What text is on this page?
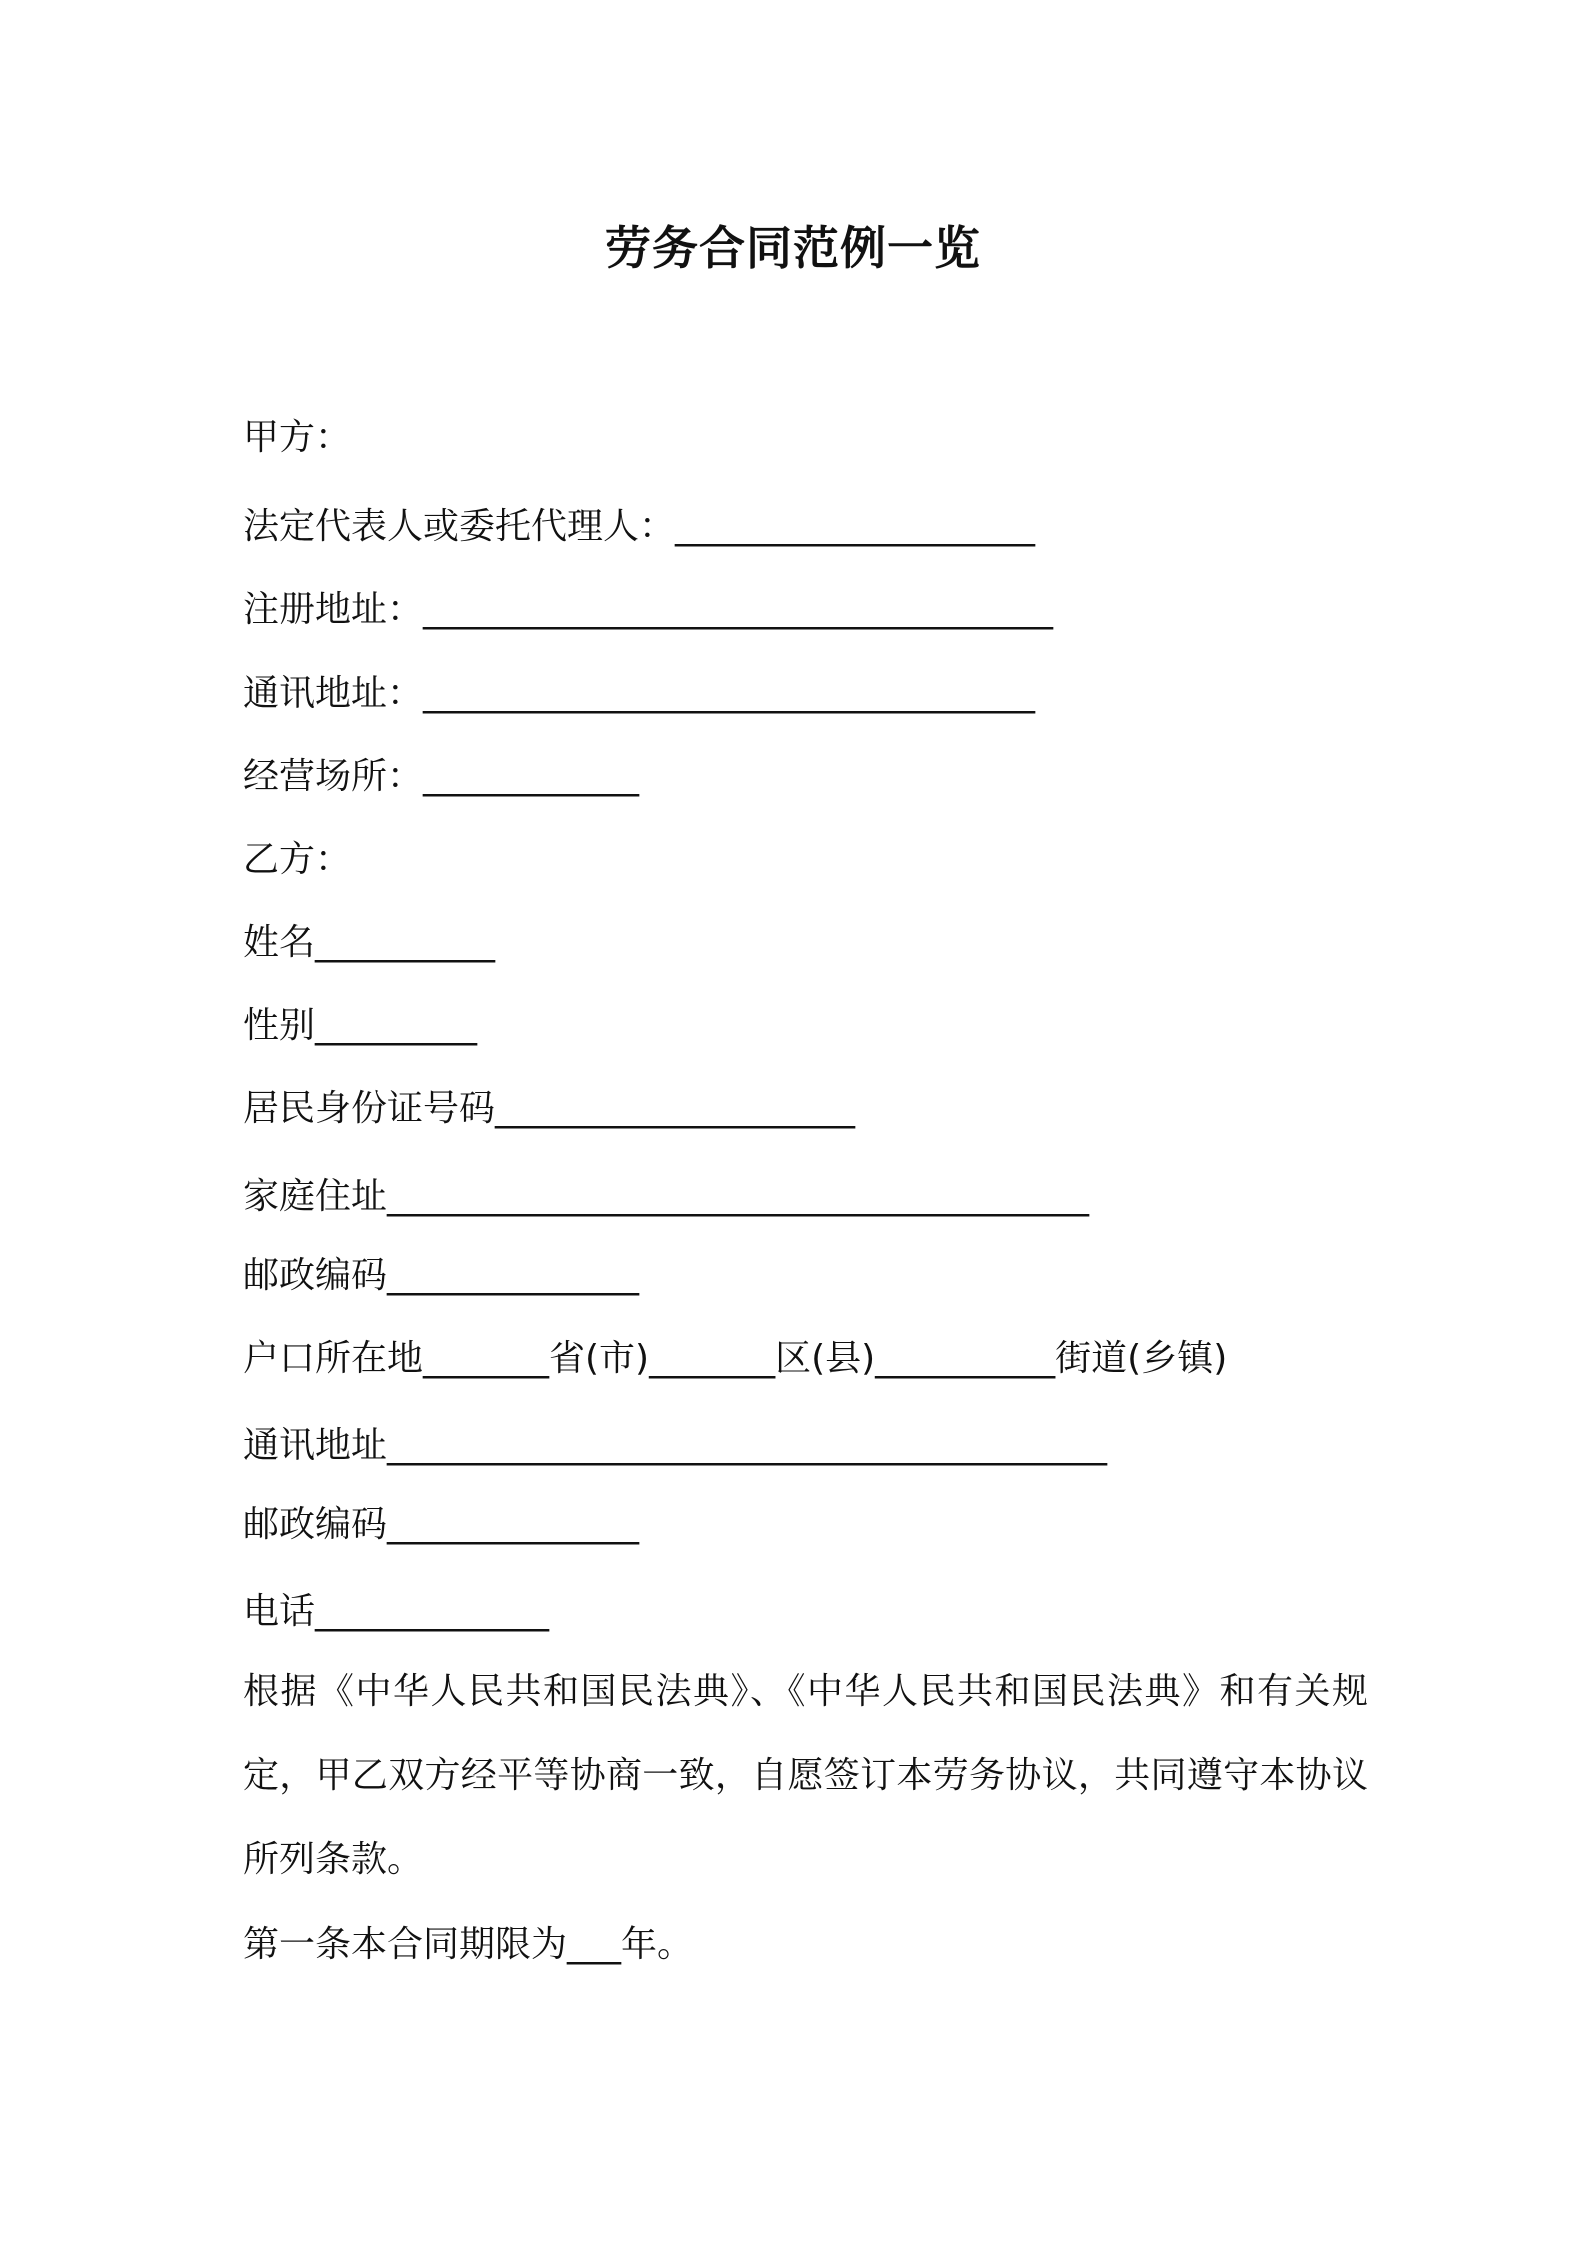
劳务合同范例一览
甲方：
法定代表人或委托代理人：____________________
注册地址：___________________________________
通讯地址：__________________________________
经营场所：____________
乙方：
姓名__________
性别_________
居民身份证号码____________________
家庭住址_______________________________________
邮政编码______________
户口所在地_______省(市)_______区(县)__________街道(乡镇)
通讯地址________________________________________
邮政编码______________
电话_____________
根据《中华人民共和国民法典》、《中华人民共和国民法典》和有关规定，甲乙双方经平等协商一致，自愿签订本劳务协议，共同遵守本协议所列条款。
第一条本合同期限为___年。
